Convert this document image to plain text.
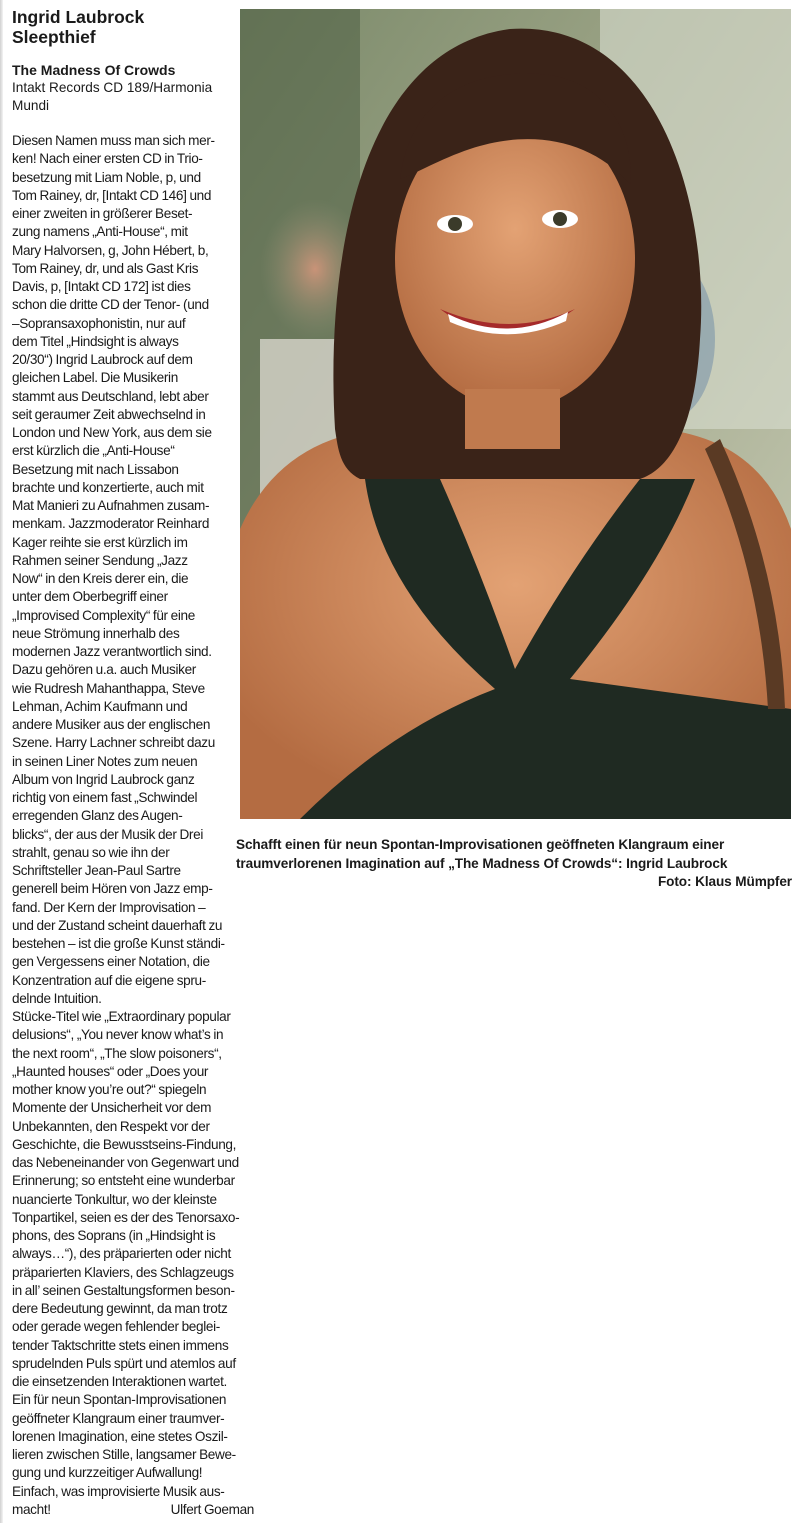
Ingrid Laubrock
Sleepthief
The Madness Of Crowds
Intakt Records CD 189/Harmonia
Mundi
Diesen Namen muss man sich mer-
ken! Nach einer ersten CD in Trio-
besetzung mit Liam Noble, p, und
Tom Rainey, dr, [Intakt CD 146] und
einer zweiten in größerer Beset-
zung namens „Anti-House“, mit
Mary Halvorsen, g, John Hébert, b,
Tom Rainey, dr, und als Gast Kris
Davis, p, [Intakt CD 172] ist dies
schon die dritte CD der Tenor- (und
–Sopransaxophonistin, nur auf
dem Titel „Hindsight is always
20/30“) Ingrid Laubrock auf dem
gleichen Label. Die Musikerin
stammt aus Deutschland, lebt aber
seit geraumer Zeit abwechselnd in
London und New York, aus dem sie
erst kürzlich die „Anti-House“
Besetzung mit nach Lissabon
brachte und konzertierte, auch mit
Mat Manieri zu Aufnahmen zusam-
menkam. Jazzmoderator Reinhard
Kager reihte sie erst kürzlich im
Rahmen seiner Sendung „Jazz
Now“ in den Kreis derer ein, die
unter dem Oberbegriff einer
„Improvised Complexity“ für eine
neue Strömung innerhalb des
modernen Jazz verantwortlich sind.
Dazu gehören u.a. auch Musiker
wie Rudresh Mahanthappa, Steve
Lehman, Achim Kaufmann und
andere Musiker aus der englischen
Szene. Harry Lachner schreibt dazu
in seinen Liner Notes zum neuen
Album von Ingrid Laubrock ganz
richtig von einem fast „Schwindel
erregenden Glanz des Augen-
blicks“, der aus der Musik der Drei
strahlt, genau so wie ihn der
Schriftsteller Jean-Paul Sartre
generell beim Hören von Jazz emp-
fand. Der Kern der Improvisation –
und der Zustand scheint dauerhaft zu
bestehen – ist die große Kunst ständi-
gen Vergessens einer Notation, die
Konzentration auf die eigene spru-
delnde Intuition.
Stücke-Titel wie „Extraordinary popular
delusions“, „You never know what’s in
the next room“, „The slow poisoners“,
„Haunted houses“ oder „Does your
mother know you’re out?“ spiegeln
Momente der Unsicherheit vor dem
Unbekannten, den Respekt vor der
Geschichte, die Bewusstseins-Findung,
das Nebeneinander von Gegenwart und
Erinnerung; so entsteht eine wunderbar
nuancierte Tonkultur, wo der kleinste
Tonpartikel, seien es der des Tenorsaxo-
phons, des Soprans (in „Hindsight is
always…“), des präparierten oder nicht
präparierten Klaviers, des Schlagzeugs
in all’ seinen Gestaltungsformen beson-
dere Bedeutung gewinnt, da man trotz
oder gerade wegen fehlender beglei-
tender Taktschritte stets einen immens
sprudelnden Puls spürt und atemlos auf
die einsetzenden Interaktionen wartet.
Ein für neun Spontan-Improvisationen
geöffneter Klangraum einer traumver-
lorenen Imagination, eine stetes Oszil-
lieren zwischen Stille, langsamer Bewe-
gung und kurzzeitiger Aufwallung!
Einfach, was improvisierte Musik aus-
macht!	Ulfert Goeman
Schafft einen für neun Spontan-Improvisationen geöffneten Klangraum einer
traumverlorenen Imagination auf „The Madness Of Crowds“: Ingrid Laubrock
Foto: Klaus Mümpfer
